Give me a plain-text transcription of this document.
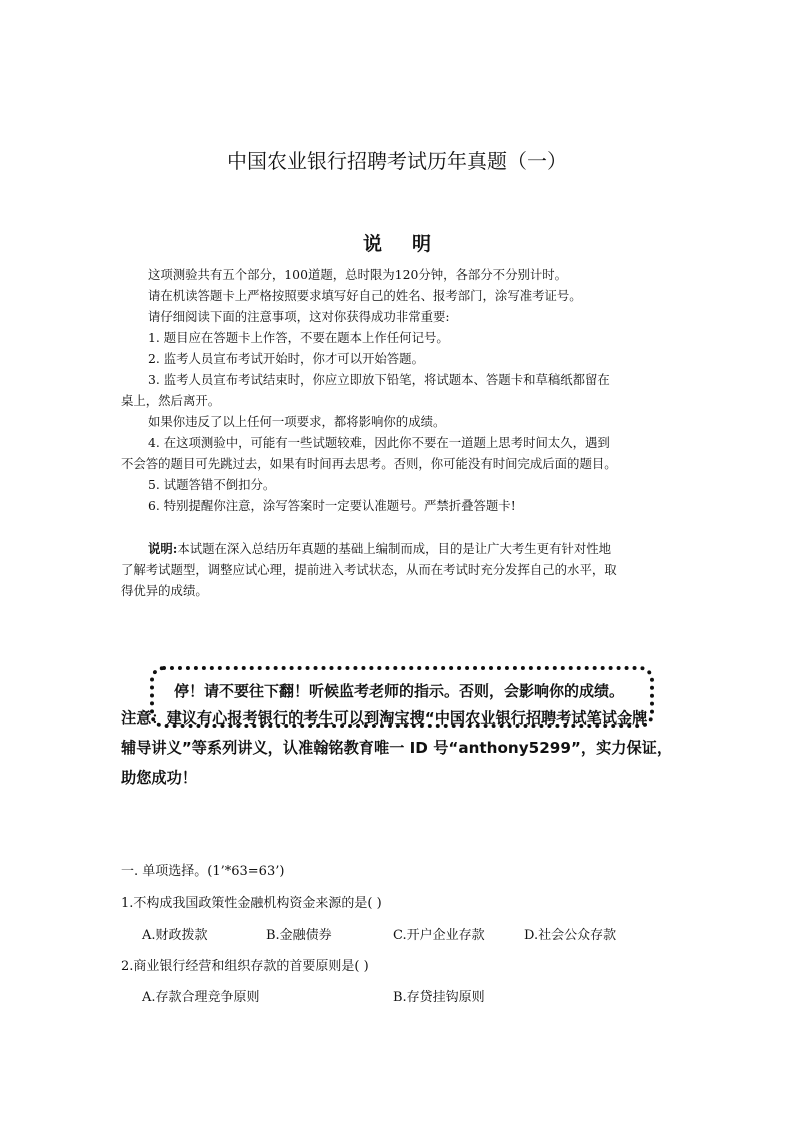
中国农业银行招聘考试历年真题（一）
说明
这项测验共有五个部分，100道题，总时限为120分钟，各部分不分别计时。
请在机读答题卡上严格按照要求填写好自己的姓名、报考部门，涂写准考证号。
请仔细阅读下面的注意事项，这对你获得成功非常重要:
1. 题目应在答题卡上作答，不要在题本上作任何记号。
2. 监考人员宣布考试开始时，你才可以开始答题。
3. 监考人员宣布考试结束时，你应立即放下铅笔，将试题本、答题卡和草稿纸都留在
桌上，然后离开。
如果你违反了以上任何一项要求，都将影响你的成绩。
4. 在这项测验中，可能有一些试题较难，因此你不要在一道题上思考时间太久，遇到
不会答的题目可先跳过去，如果有时间再去思考。否则，你可能没有时间完成后面的题目。
5. 试题答错不倒扣分。
6. 特别提醒你注意，涂写答案时一定要认准题号。严禁折叠答题卡!
说明:本试题在深入总结历年真题的基础上编制而成，目的是让广大考生更有针对性地
了解考试题型，调整应试心理，提前进入考试状态，从而在考试时充分发挥自己的水平，取
得优异的成绩。
停！请不要往下翻！听候监考老师的指示。否则，会影响你的成绩。
注意：建议有心报考银行的考生可以到淘宝搜“中国农业银行招聘考试笔试金牌
辅导讲义”等系列讲义，认准翰铭教育唯一 ID 号“anthony5299”，实力保证，
助您成功！
一. 单项选择。(1’*63=63’)
1.不构成我国政策性金融机构资金来源的是( )
A.财政拨款	B.金融债券	C.开户企业存款	D.社会公众存款
2.商业银行经营和组织存款的首要原则是( )
A.存款合理竞争原则	B.存贷挂钩原则
